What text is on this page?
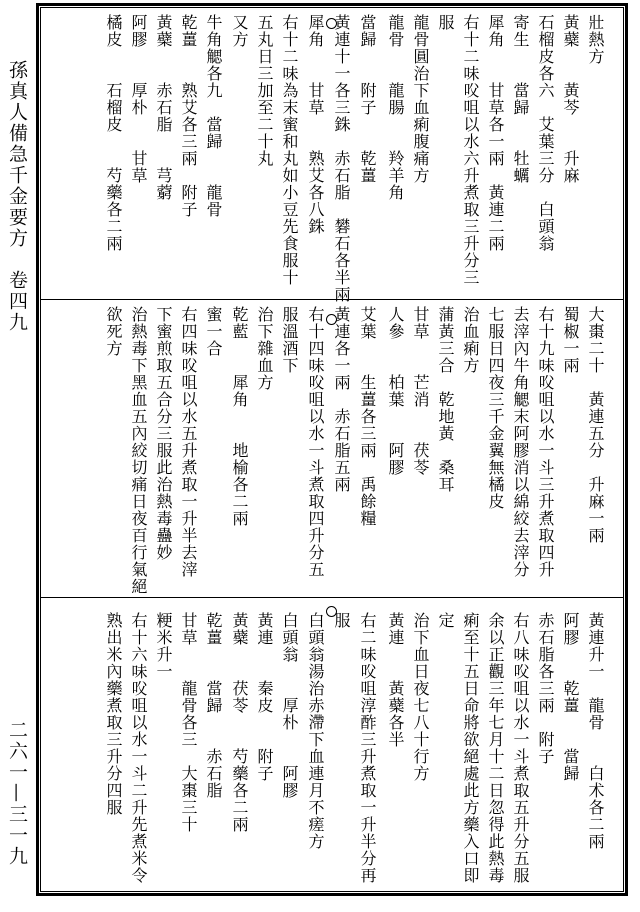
孫真人備急千金要方　卷四九
二六一—三一九
壯熱方
黃蘗　　黃芩　　升麻
石榴皮各六　艾葉三分　白頭翁
寄生　　當歸　　牡蠣
犀角　　甘草各一兩　黃連二兩
右十二味㕮咀以水六升煮取三升分三
服
龍骨圓治下血痢腹痛方
龍骨　　龍腸　　羚羊角
當歸　　附子　　乾薑
黃連十一各三銖　赤石脂　礬石各半兩
犀角　　甘草　　熟艾各八銖
右十二味為末蜜和丸如小豆先食服十
五丸日三加至二十丸
又方
牛角䚡各九　當歸　　龍骨
乾薑　　熟艾各三兩　附子
黃蘗　　赤石脂　　芎藭
阿膠　　厚朴　　甘草
橘皮　　石榴皮　　芍藥各二兩
大棗二十　黃連五分　升麻一兩
蜀椒一兩
右十九味㕮咀以水一斗三升煮取四升
去滓內牛角䚡末阿膠消以綿絞去滓分
七服日四夜三千金翼無橘皮
治血痢方
蒲黃三合　乾地黃　桑耳
甘草　　芒消　　茯苓
人參　　柏葉　　阿膠
艾葉　　生薑各三兩　禹餘糧
黃連各一兩　赤石脂五兩
右十四味㕮咀以水一斗煮取四升分五
服溫酒下
治下雜血方
乾藍　　犀角　　地榆各二兩
蜜一合
右四味㕮咀以水五升煮取一升半去滓
下蜜煎取五合分三服此治熱毒蠱妙
治熱毒下黑血五內絞切痛日夜百行氣絕
欲死方
黃連升一　龍骨　　白术各二兩
阿膠　　乾薑　　當歸
赤石脂各三兩　附子
右八味㕮咀以水一斗煮取五升分五服
余以正觀三年七月十二日忽得此熱毒
痢至十五日命將欲絕處此方藥入口即
定
治下血日夜七八十行方
黃連　　黃蘗各半
右二味㕮咀淳酢三升煮取一升半分再
服
白頭翁湯治赤滯下血連月不瘥方
白頭翁　　厚朴　　阿膠
黃連　　秦皮　　附子
黃蘗　　茯苓　　芍藥各二兩
乾薑　　當歸　　赤石脂
甘草　　龍骨各三　大棗三十
粳米升一
右十六味㕮咀以水一斗二升先煮米令
熟出米內藥煮取三升分四服
